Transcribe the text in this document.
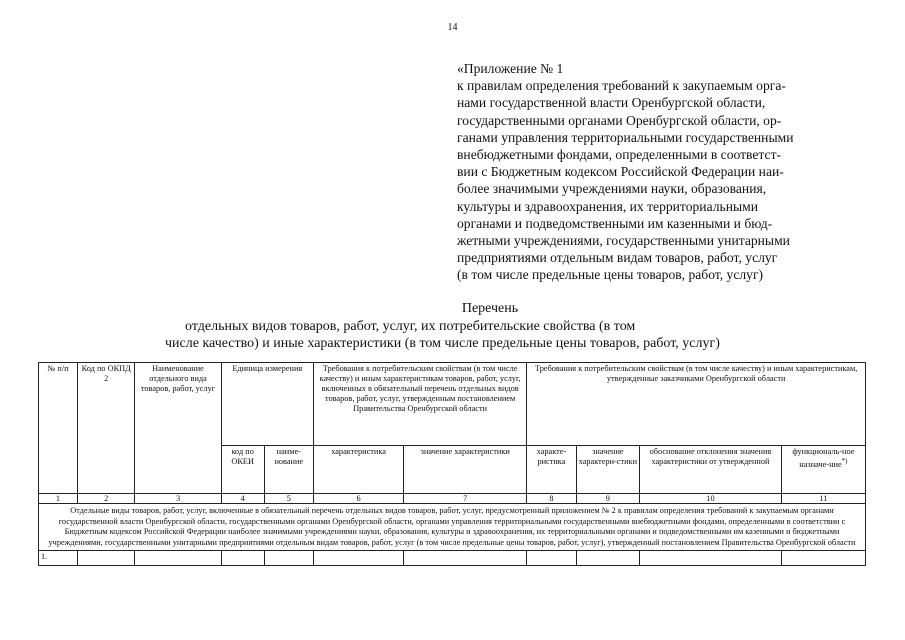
14
«Приложение № 1
к правилам определения требований к закупаемым орга-
нами государственной власти Оренбургской области,
государственными органами Оренбургской области, ор-
ганами управления территориальными государственными
внебюджетными фондами, определенными в соответст-
вии с Бюджетным кодексом Российской Федерации наи-
более значимыми учреждениями науки, образования,
культуры и здравоохранения, их территориальными
органами и подведомственными им казенными и бюд-
жетными учреждениями, государственными унитарными
предприятиями отдельным видам товаров, работ, услуг
(в том числе предельные цены товаров, работ, услуг)
Перечень
отдельных видов товаров, работ, услуг, их потребительские свойства (в том
числе качество) и иные характеристики (в том числе предельные цены товаров, работ, услуг)
№ п/п	Код по ОКПД 2	Наименование отдельного вида товаров, работ, услуг	Единица измерения		Требования к потребительским свойствам (в том числе качеству) и иным характеристикам товаров, работ, услуг, включенных в обязательный перечень отдельных видов товаров, работ, услуг, утвержденным постановлением Правительства Оренбургской области		Требования к потребительским свойствам (в том числе качеству) и иным характеристикам, утвержденные заказчиками Оренбургской области			
			код по ОКЕИ	наиме-нование	характеристика	значение характеристики	характе-ристика	значение характери-стики	обоснование отклонения значения характеристики от утвержденной	функциональ-ное назначе-ние*)
1	2	3	4	5	6	7	8	9	10	11
Отдельные виды товаров, работ, услуг, включенные в обязательный перечень отдельных видов товаров, работ, услуг, предусмотренный приложением № 2 к правилам определения требований к закупаемым органами государственной власти Оренбургской области, государственными органами Оренбургской области, органами управления территориальными государственными внебюджетными фондами, определенными в соответствии с Бюджетным кодексом Российской Федерации наиболее значимыми учреждениями науки, образования, культуры и здравоохранения, их территориальными органами и подведомственными им казенными и бюджетными учреждениями, государственными унитарными предприятиями отдельным видам товаров, работ, услуг (в том числе предельные цены товаров, работ, услуг), утвержденный постановлением Правительства Оренбургской области										
1.										
